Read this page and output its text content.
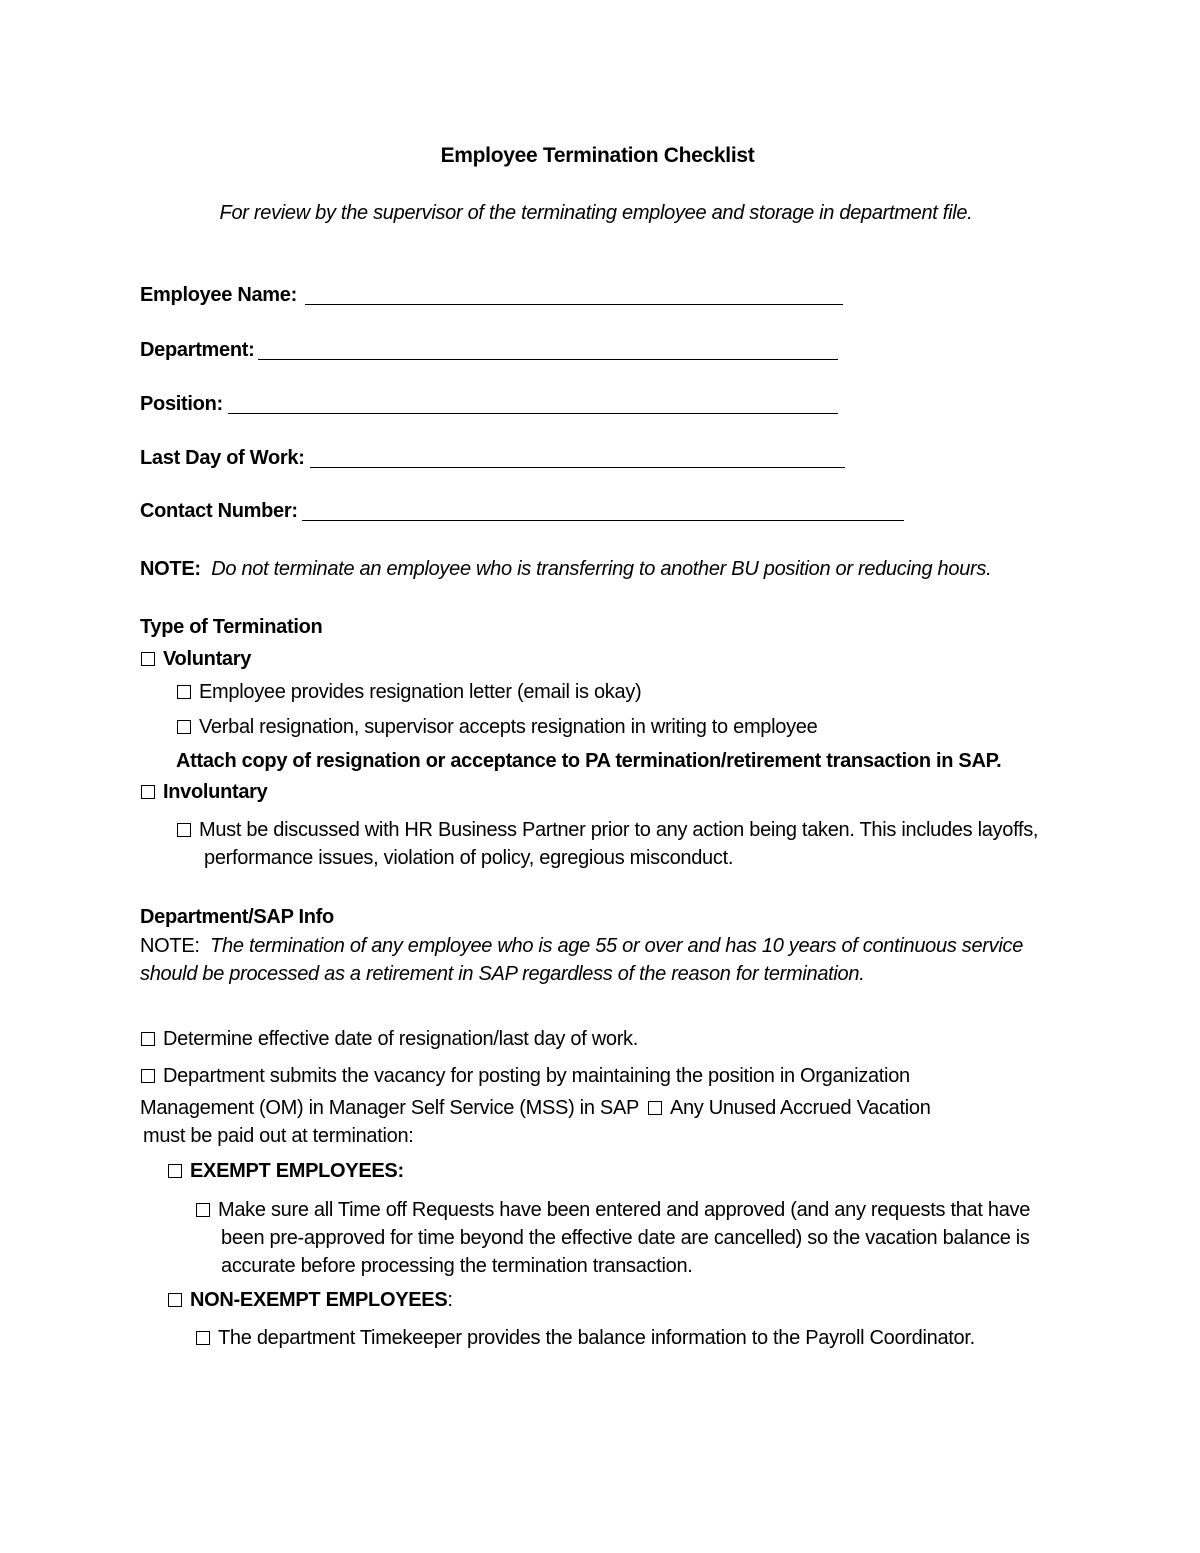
Employee Termination Checklist
For review by the supervisor of the terminating employee and storage in department file.
Employee Name:
Department:
Position:
Last Day of Work:
Contact Number:
NOTE: Do not terminate an employee who is transferring to another BU position or reducing hours.
Type of Termination
Voluntary
Employee provides resignation letter (email is okay)
Verbal resignation, supervisor accepts resignation in writing to employee
Attach copy of resignation or acceptance to PA termination/retirement transaction in SAP.
Involuntary
Must be discussed with HR Business Partner prior to any action being taken. This includes layoffs,
performance issues, violation of policy, egregious misconduct.
Department/SAP Info
NOTE: The termination of any employee who is age 55 or over and has 10 years of continuous service
should be processed as a retirement in SAP regardless of the reason for termination.
Determine effective date of resignation/last day of work.
Department submits the vacancy for posting by maintaining the position in Organization
Management (OM) in Manager Self Service (MSS) in SAP Any Unused Accrued Vacation
must be paid out at termination:
EXEMPT EMPLOYEES:
Make sure all Time off Requests have been entered and approved (and any requests that have
been pre-approved for time beyond the effective date are cancelled) so the vacation balance is
accurate before processing the termination transaction.
NON-EXEMPT EMPLOYEES:
The department Timekeeper provides the balance information to the Payroll Coordinator.
